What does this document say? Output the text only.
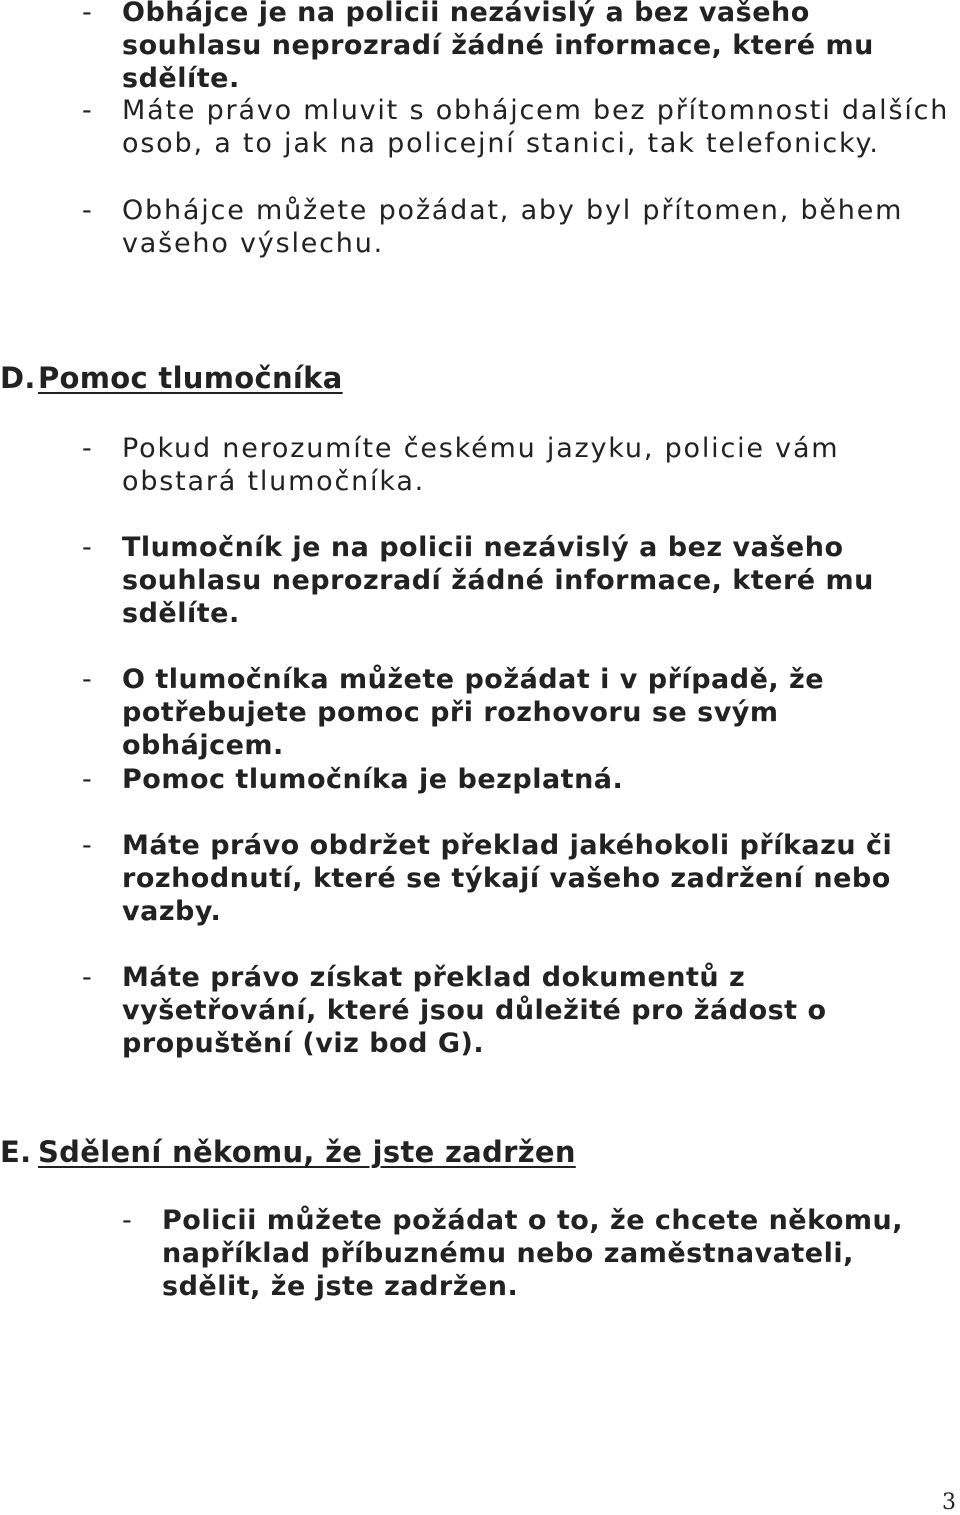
-	Obhájce je na policii nezávislý a bez vašeho souhlasu neprozradí žádné informace, které mu sdělíte.
-	Máte právo mluvit s obhájcem bez přítomnosti dalších osob, a to jak na policejní stanici, tak telefonicky.
-	Obhájce můžete požádat, aby byl přítomen, během vašeho výslechu.
D.Pomoc tlumočníka
-	Pokud nerozumíte českému jazyku, policie vám obstará tlumočníka.
-	Tlumočník je na policii nezávislý a bez vašeho souhlasu neprozradí žádné informace, které mu sdělíte.
-	O tlumočníka můžete požádat i v případě, že potřebujete pomoc při rozhovoru se svým obhájcem.
-	Pomoc tlumočníka je bezplatná.
-	Máte právo obdržet překlad jakéhokoli příkazu či rozhodnutí, které se týkají vašeho zadržení nebo vazby.
-	Máte právo získat překlad dokumentů z vyšetřování, které jsou důležité pro žádost o propuštění (viz bod G).
E. Sdělení někomu, že jste zadržen
-	Policii můžete požádat o to, že chcete někomu, například příbuznému nebo zaměstnavateli, sdělit, že jste zadržen.
3
